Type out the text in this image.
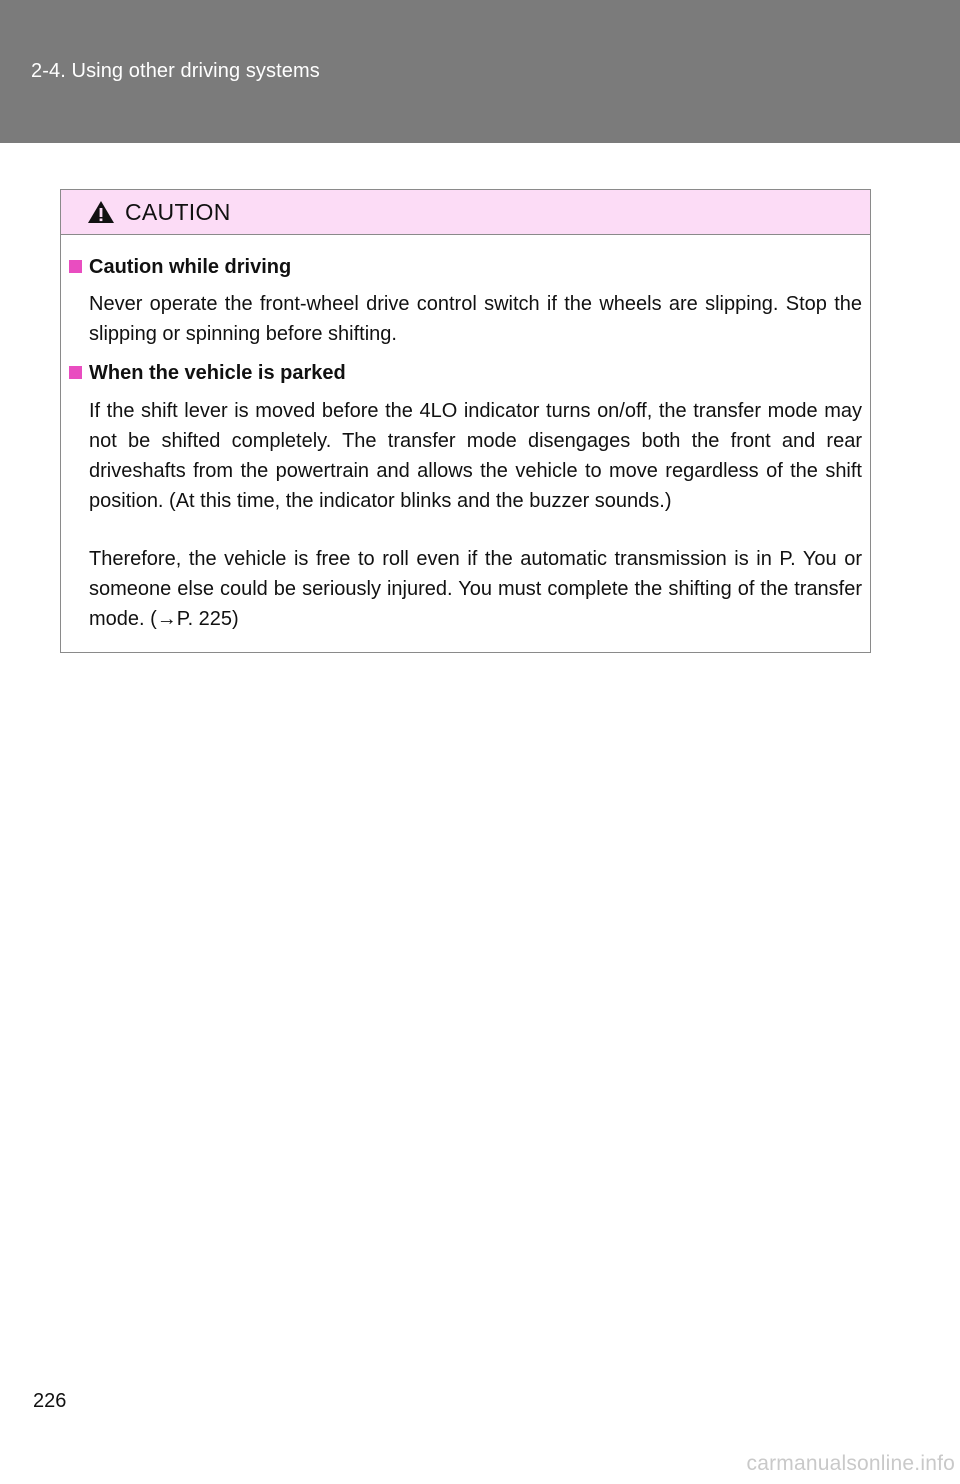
2-4. Using other driving systems
CAUTION
Caution while driving
Never operate the front-wheel drive control switch if the wheels are slipping. Stop the slipping or spinning before shifting.
When the vehicle is parked
If the shift lever is moved before the 4LO indicator turns on/off, the transfer mode may not be shifted completely. The transfer mode disengages both the front and rear driveshafts from the powertrain and allows the vehicle to move regardless of the shift position. (At this time, the indicator blinks and the buzzer sounds.)
Therefore, the vehicle is free to roll even if the automatic transmission is in P. You or someone else could be seriously injured. You must complete the shifting of the transfer mode. (→P. 225)
226
carmanualsonline.info
